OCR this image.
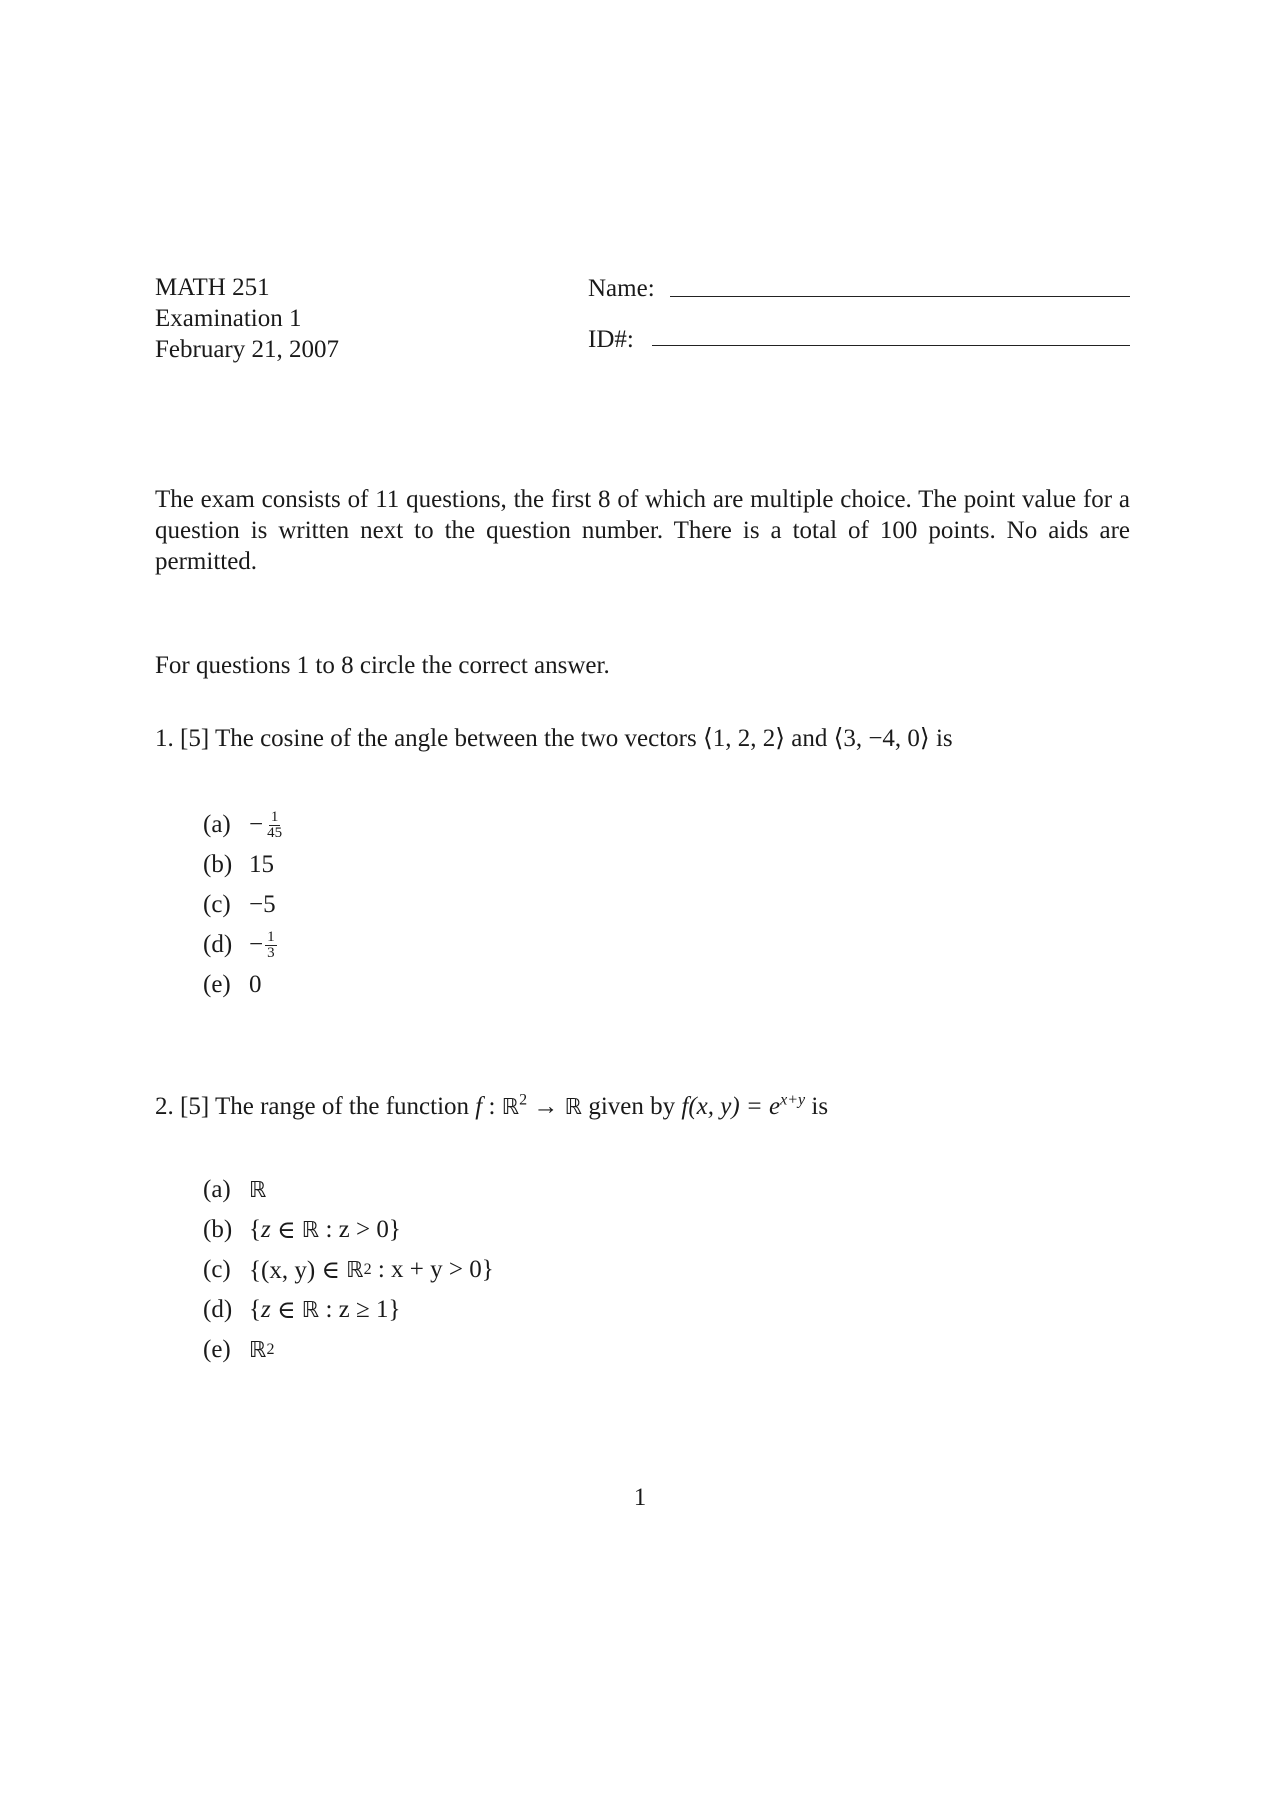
MATH 251
Examination 1
February 21, 2007
Name:
ID#:
The exam consists of 11 questions, the first 8 of which are multiple choice. The point value for a question is written next to the question number. There is a total of 100 points. No aids are permitted.
For questions 1 to 8 circle the correct answer.
1. [5] The cosine of the angle between the two vectors ⟨1, 2, 2⟩ and ⟨3, −4, 0⟩ is
$(a) - \frac{1}{45}$
(b) 15
(c) −5
$(d) - \frac{1}{3}$
(e) 0
2. [5] The range of the function f : ℝ$^2$ → ℝ given by f(x, $y) = e^{x+y}$ is
(a) ℝ
(b) { z ∈ ℝ : z > 0}
(c) {(x, y) ∈ ℝ 2 : x + y > 0}
(d) { z ∈ ℝ : z ≥ 1}
(e) ℝ 2
1
